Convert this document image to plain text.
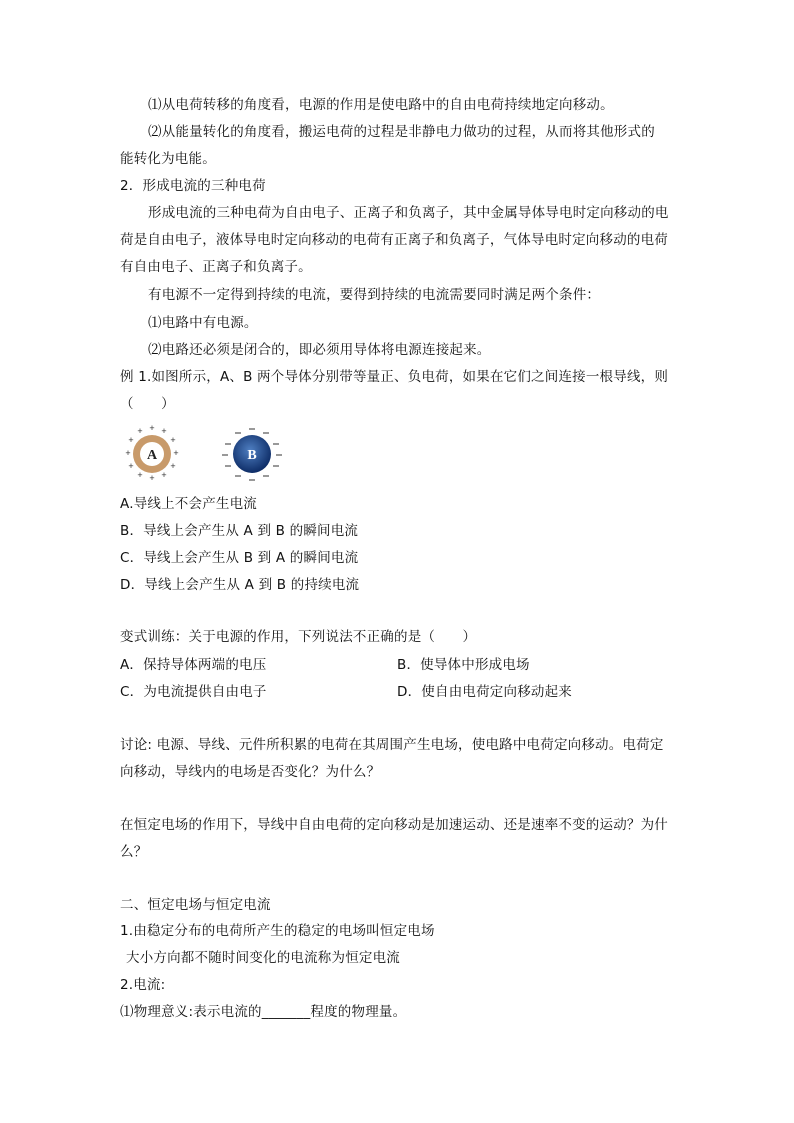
⑴从电荷转移的角度看，电源的作用是使电路中的自由电荷持续地定向移动。
⑵从能量转化的角度看，搬运电荷的过程是非静电力做功的过程，从而将其他形式的
能转化为电能。
2．形成电流的三种电荷
形成电流的三种电荷为自由电子、正离子和负离子，其中金属导体导电时定向移动的电
荷是自由电子，液体导电时定向移动的电荷有正离子和负离子，气体导电时定向移动的电荷
有自由电子、正离子和负离子。
有电源不一定得到持续的电流，要得到持续的电流需要同时满足两个条件：
⑴电路中有电源。
⑵电路还必须是闭合的，即必须用导体将电源连接起来。
例 1.如图所示，A、B 两个导体分别带等量正、负电荷，如果在它们之间连接一根导线，则
（　　）
A
+
+ +
+	+
+	+
+	+
+ +
+
B
A.导线上不会产生电流
B．导线上会产生从 A 到 B 的瞬间电流
C．导线上会产生从 B 到 A 的瞬间电流
D．导线上会产生从 A 到 B 的持续电流
变式训练：关于电源的作用，下列说法不正确的是（　　）
A．保持导体两端的电压	B．使导体中形成电场
C．为电流提供自由电子	D．使自由电荷定向移动起来
讨论: 电源、导线、元件所积累的电荷在其周围产生电场，使电路中电荷定向移动。电荷定
向移动，导线内的电场是否变化？为什么？
在恒定电场的作用下，导线中自由电荷的定向移动是加速运动、还是速率不变的运动？为什
么？
二、恒定电场与恒定电流
1.由稳定分布的电荷所产生的稳定的电场叫恒定电场
大小方向都不随时间变化的电流称为恒定电流
2.电流:
⑴物理意义:表示电流的_______程度的物理量。
